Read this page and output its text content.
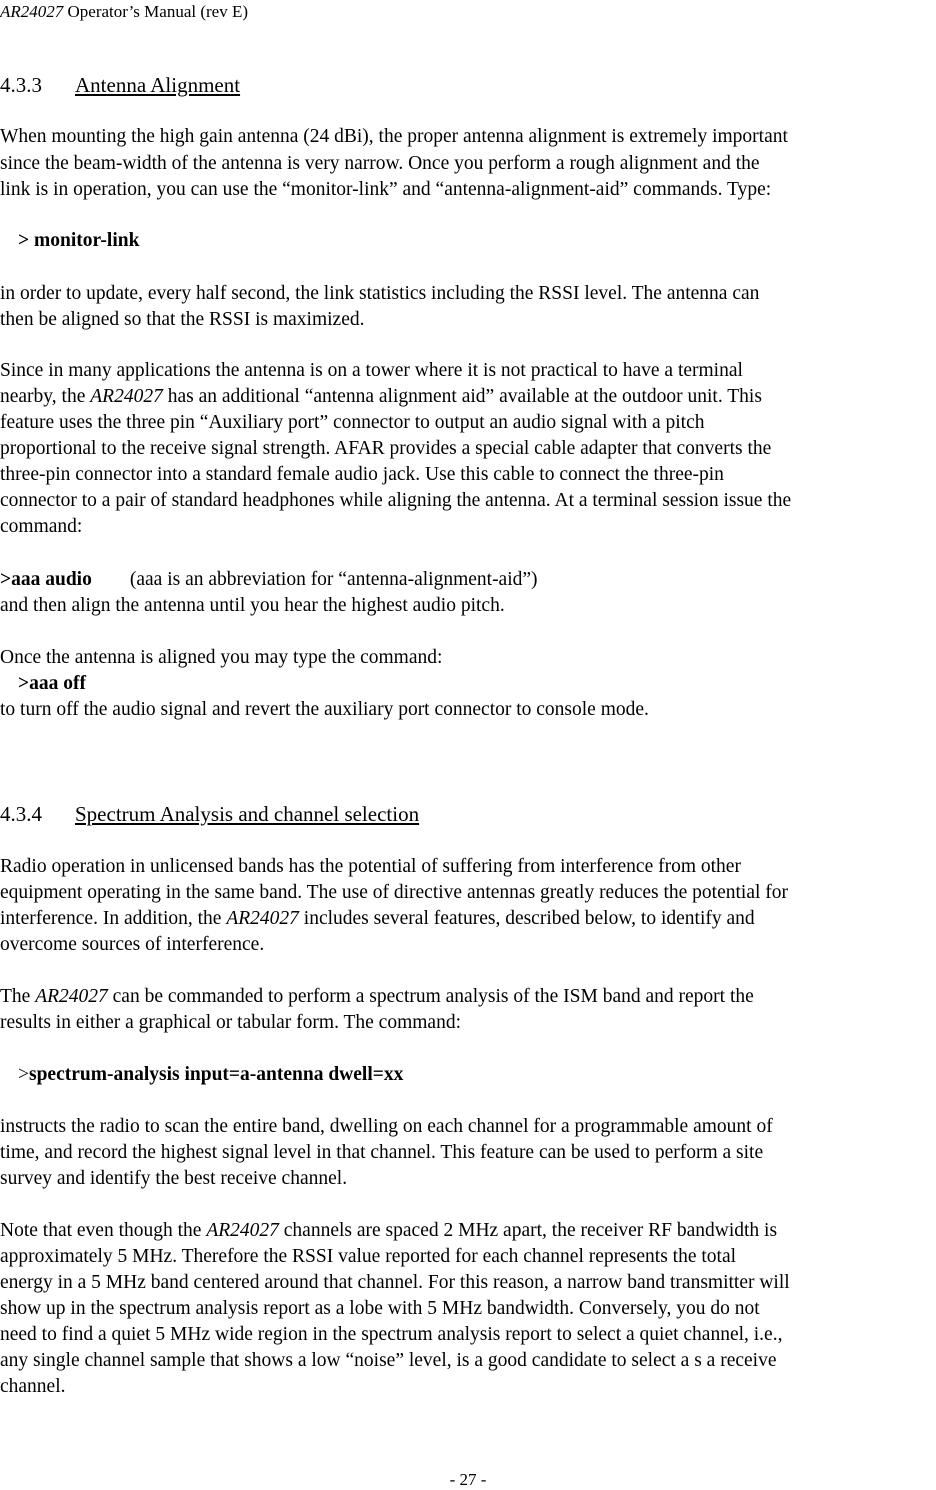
AR24027 Operator’s Manual (rev E)
4.3.3 Antenna Alignment
When mounting the high gain antenna (24 dBi), the proper antenna alignment is extremely important
since the beam-width of the antenna is very narrow. Once you perform a rough alignment and the
link is in operation, you can use the “monitor-link” and “antenna-alignment-aid” commands. Type:
> monitor-link
in order to update, every half second, the link statistics including the RSSI level. The antenna can
then be aligned so that the RSSI is maximized.
Since in many applications the antenna is on a tower where it is not practical to have a terminal
nearby, the AR24027 has an additional “antenna alignment aid” available at the outdoor unit. This
feature uses the three pin “Auxiliary port” connector to output an audio signal with a pitch
proportional to the receive signal strength. AFAR provides a special cable adapter that converts the
three-pin connector into a standard female audio jack. Use this cable to connect the three-pin
connector to a pair of standard headphones while aligning the antenna. At a terminal session issue the
command:
>aaa audio (aaa is an abbreviation for “antenna-alignment-aid”)
and then align the antenna until you hear the highest audio pitch.
Once the antenna is aligned you may type the command:
>aaa off
to turn off the audio signal and revert the auxiliary port connector to console mode.
4.3.4 Spectrum Analysis and channel selection
Radio operation in unlicensed bands has the potential of suffering from interference from other
equipment operating in the same band. The use of directive antennas greatly reduces the potential for
interference. In addition, the AR24027 includes several features, described below, to identify and
overcome sources of interference.
The AR24027 can be commanded to perform a spectrum analysis of the ISM band and report the
results in either a graphical or tabular form. The command:
>spectrum-analysis input=a-antenna dwell=xx
instructs the radio to scan the entire band, dwelling on each channel for a programmable amount of
time, and record the highest signal level in that channel. This feature can be used to perform a site
survey and identify the best receive channel.
Note that even though the AR24027 channels are spaced 2 MHz apart, the receiver RF bandwidth is
approximately 5 MHz. Therefore the RSSI value reported for each channel represents the total
energy in a 5 MHz band centered around that channel. For this reason, a narrow band transmitter will
show up in the spectrum analysis report as a lobe with 5 MHz bandwidth. Conversely, you do not
need to find a quiet 5 MHz wide region in the spectrum analysis report to select a quiet channel, i.e.,
any single channel sample that shows a low “noise” level, is a good candidate to select a s a receive
channel.
- 27 -
